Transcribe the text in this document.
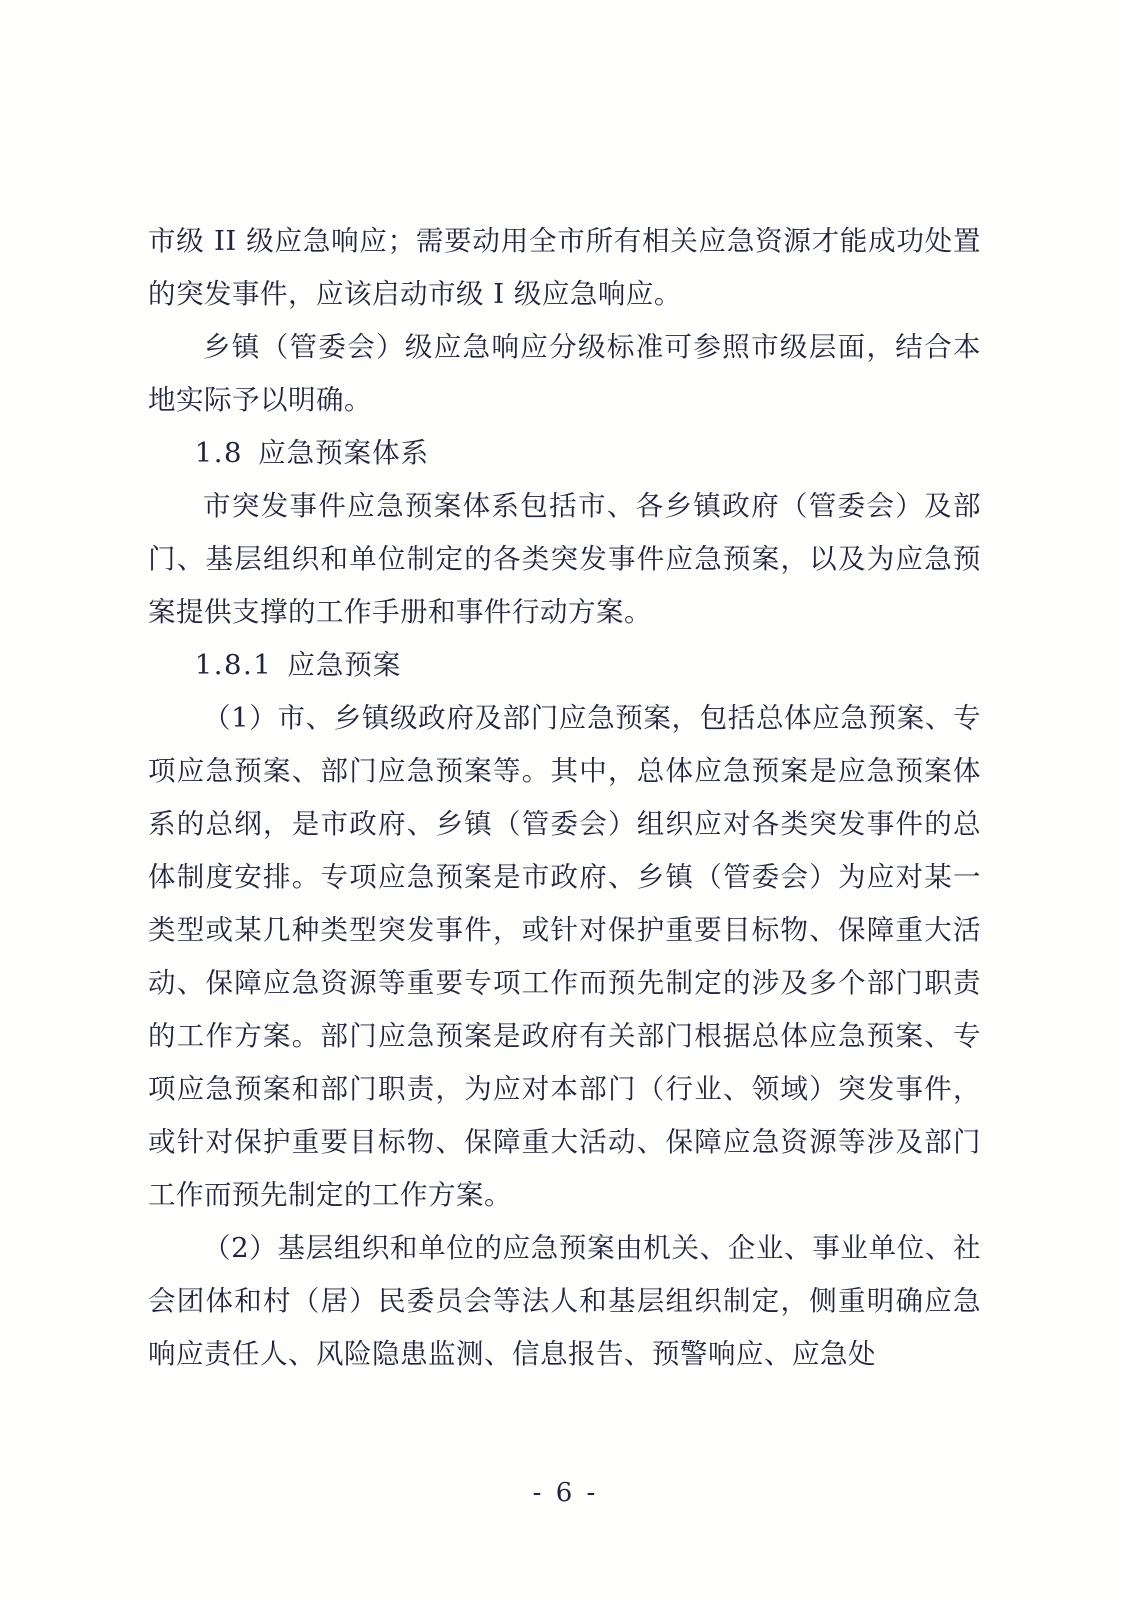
市级 II 级应急响应；需要动用全市所有相关应急资源才能成功处置的突发事件，应该启动市级 I 级应急响应。

乡镇（管委会）级应急响应分级标准可参照市级层面，结合本地实际予以明确。

1.8 应急预案体系

市突发事件应急预案体系包括市、各乡镇政府（管委会）及部门、基层组织和单位制定的各类突发事件应急预案，以及为应急预案提供支撑的工作手册和事件行动方案。

1.8.1 应急预案

（1）市、乡镇级政府及部门应急预案，包括总体应急预案、专项应急预案、部门应急预案等。其中，总体应急预案是应急预案体系的总纲，是市政府、乡镇（管委会）组织应对各类突发事件的总体制度安排。专项应急预案是市政府、乡镇（管委会）为应对某一类型或某几种类型突发事件，或针对保护重要目标物、保障重大活动、保障应急资源等重要专项工作而预先制定的涉及多个部门职责的工作方案。部门应急预案是政府有关部门根据总体应急预案、专项应急预案和部门职责，为应对本部门（行业、领域）突发事件，或针对保护重要目标物、保障重大活动、保障应急资源等涉及部门工作而预先制定的工作方案。

（2）基层组织和单位的应急预案由机关、企业、事业单位、社会团体和村（居）民委员会等法人和基层组织制定，侧重明确应急响应责任人、风险隐患监测、信息报告、预警响应、应急处

- 6 -
